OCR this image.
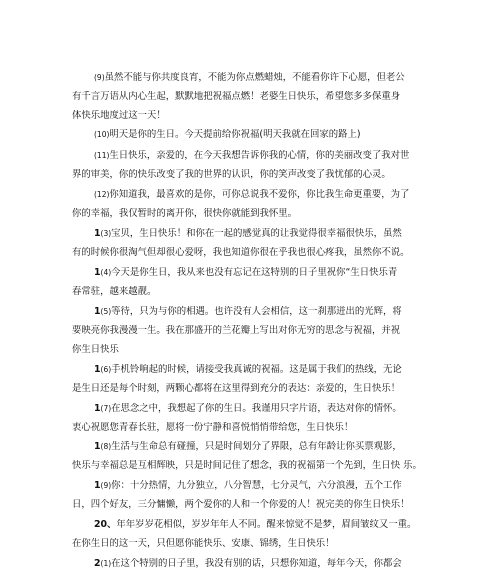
(9)虽然不能与你共度良宵，不能为你点燃蜡烛，不能看你许下心愿，但老公
有千言万语从内心生起，默默地把祝福点燃！老婆生日快乐，希望您多多保重身
体快乐地度过这一天！
(10)明天是你的生日。今天提前给你祝福(明天我就在回家的路上)
(11)生日快乐，亲爱的，在今天我想告诉你我的心情，你的美丽改变了我对世
界的审美，你的快乐改变了我的世界的认识，你的笑声改变了我忧郁的心灵。
(12)你知道我，最喜欢的是你，可你总说我不爱你，你比我生命更重要，为了
你的幸福，我仅暂时的离开你，很快你就能到我怀里。
1(3)宝贝，生日快乐！和你在一起的感觉真的让我觉得很幸福很快乐，虽然
有的时候你很淘气但却很心爱呀，我也知道你很在乎我也很心疼我，虽然你不说。
1(4)今天是你生日，我从来也没有忘记在这特别的日子里祝你“生日快乐青
春常驻，越来越靓。
1(5)等待，只为与你的相遇。也许没有人会相信，这一刹那迸出的光辉，将
要映亮你我漫漫一生。我在那盛开的兰花瓣上写出对你无穷的思念与祝福，并祝
你生日快乐
1(6)手机铃响起的时候，请接受我真诚的祝福。这是属于我们的热线，无论
是生日还是每个时刻，两颗心都将在这里得到充分的表达：亲爱的，生日快乐！
1(7)在思念之中，我想起了你的生日。我谨用只字片语，表达对你的情怀。
衷心祝愿您青春长驻，愿将一份宁静和喜悦悄悄带给您，生日快乐！
1(8)生活与生命总有碰撞，只是时间划分了界限，总有年龄让你买票观影，
快乐与幸福总是互相辉映，只是时间记住了想念，我的祝福第一个先到，生日快 乐。
1(9)你：十分热情，九分独立，八分智慧，七分灵气，六分浪漫，五个工作
日，四个好友，三分慵懒，两个爱你的人和一个你爱的人！祝完美的你生日快乐！
20、年年岁岁花相似，岁岁年年人不同。醒来惊觉不是梦，眉间皱纹又一重。
在你生日的这一天，只但愿你能快乐、安康、锦绣，生日快乐！
2(1)在这个特别的日子里，我没有别的话，只想你知道，每年今天，你都会
